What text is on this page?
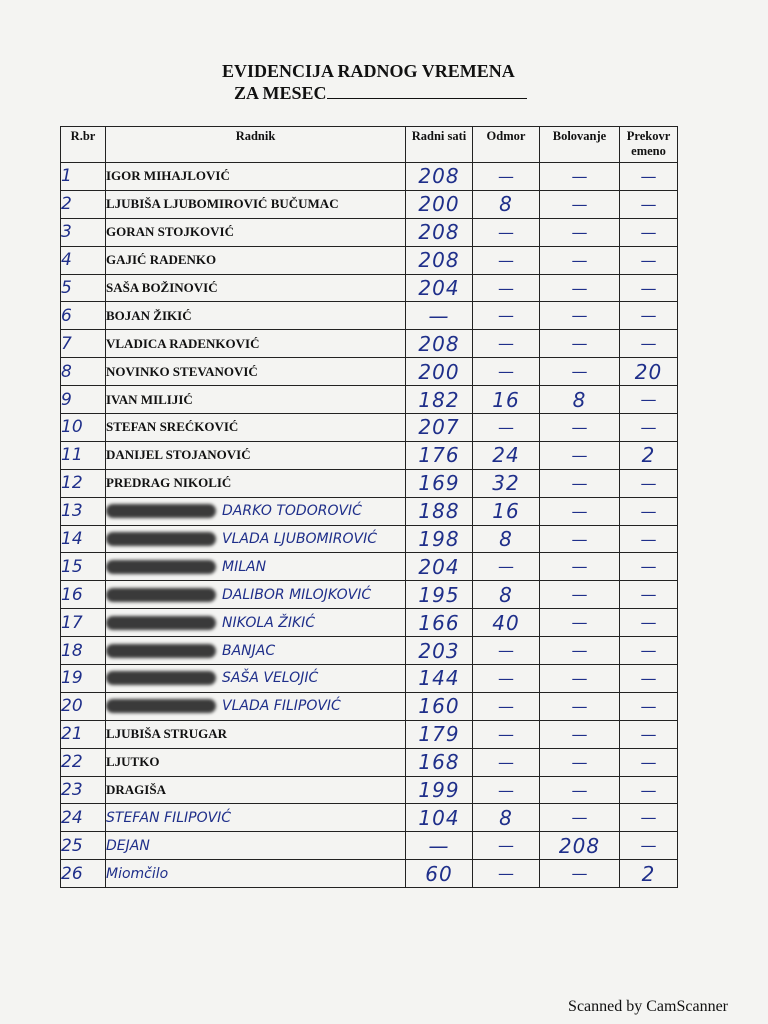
EVIDENCIJA RADNOG VREMENA
ZA MESEC
R.br	Radnik	Radni sati	Odmor	Bolovanje	Prekovr emeno
1	IGOR MIHAJLOVIĆ	208	—	—	—
2	LJUBIŠA LJUBOMIROVIĆ BUČUMAC	200	8	—	—
3	GORAN STOJKOVIĆ	208	—	—	—
4	GAJIĆ RADENKO	208	—	—	—
5	SAŠA BOŽINOVIĆ	204	—	—	—
6	BOJAN ŽIKIĆ	—	—	—	—
7	VLADICA RADENKOVIĆ	208	—	—	—
8	NOVINKO STEVANOVIĆ	200	—	—	20
9	IVAN MILIJIĆ	182	16	8	—
10	STEFAN SREĆKOVIĆ	207	—	—	—
11	DANIJEL STOJANOVIĆ	176	24	—	2
12	PREDRAG NIKOLIĆ	169	32	—	—
13	DARKO TODOROVIĆ	188	16	—	—
14	VLADA LJUBOMIROVIĆ	198	8	—	—
15	MILAN	204	—	—	—
16	DALIBOR MILOJKOVIĆ	195	8	—	—
17	NIKOLA ŽIKIĆ	166	40	—	—
18	BANJAC	203	—	—	—
19	SAŠA VELOJIĆ	144	—	—	—
20	VLADA FILIPOVIĆ	160	—	—	—
21	LJUBIŠA STRUGAR	179	—	—	—
22	LJUTKO	168	—	—	—
23	DRAGIŠA	199	—	—	—
24	STEFAN FILIPOVIĆ	104	8	—	—
25	DEJAN	—	—	208	—
26	Miomčilo	60	—	—	2
Scanned by CamScanner
